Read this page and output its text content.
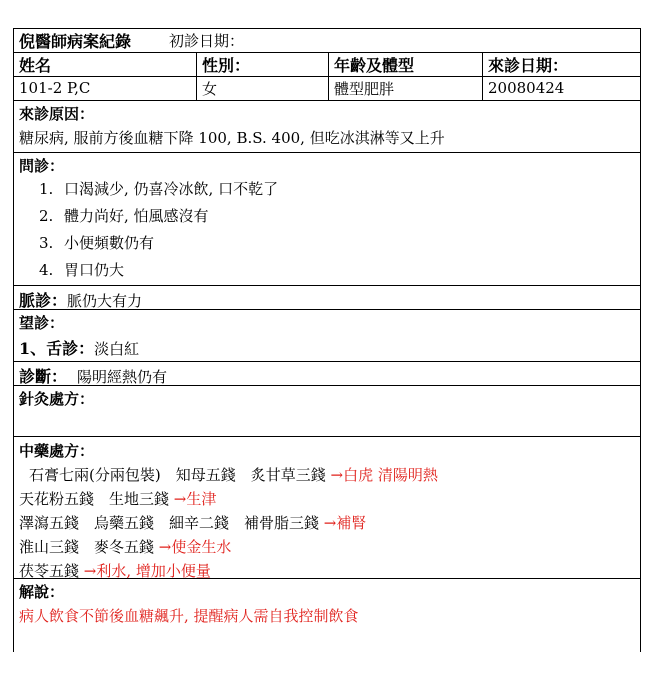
倪醫師病案紀錄	初診日期：
姓名	性別：	年齡及體型	來診日期：
101-2 P,C	女	體型肥胖	20080424
來診原因：
糖尿病, 服前方後血糖下降 100, B.S. 400, 但吃冰淇淋等又上升
問診：
1. 口渴減少, 仍喜冷冰飲, 口不乾了
2. 體力尚好, 怕風感沒有
3. 小便頻數仍有
4. 胃口仍大
脈診：脈仍大有力
望診：
1、舌診：淡白紅
診斷： 陽明經熱仍有
針灸處方：
中藥處方：
石膏七兩(分兩包裝)　知母五錢　炙甘草三錢 →白虎 清陽明熱
天花粉五錢　生地三錢 →生津
澤瀉五錢　烏藥五錢　細辛二錢　補骨脂三錢 →補腎
淮山三錢　麥冬五錢 →使金生水
茯苓五錢 →利水, 增加小便量
解說：
病人飲食不節後血糖飆升, 提醒病人需自我控制飲食
